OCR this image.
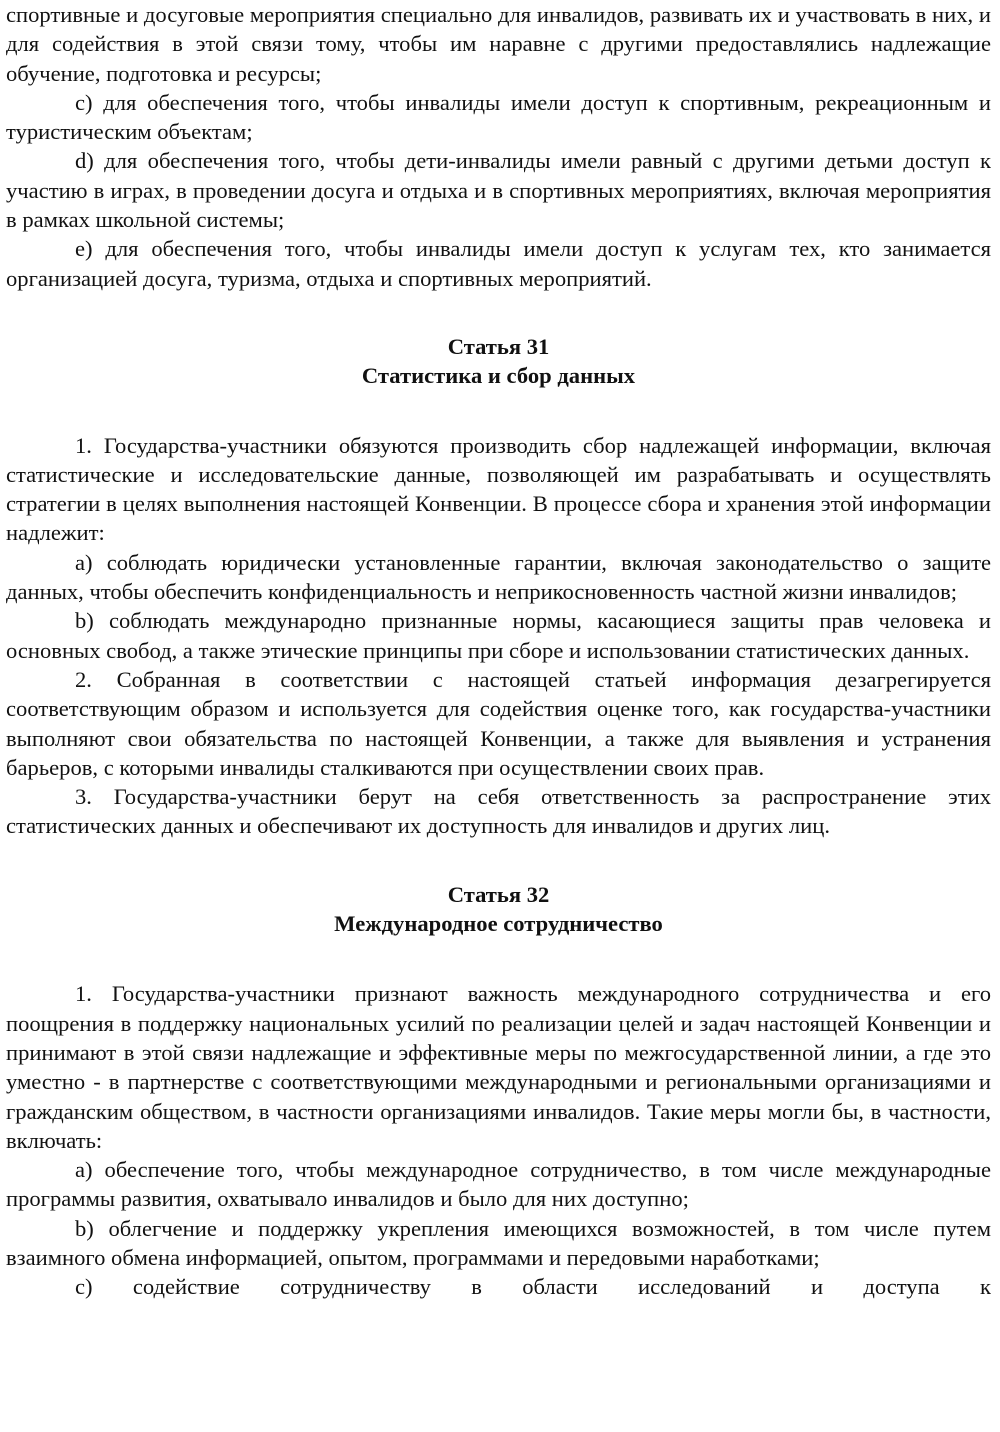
спортивные и досуговые мероприятия специально для инвалидов, развивать их и участвовать в них, и для содействия в этой связи тому, чтобы им наравне с другими предоставлялись надлежащие обучение, подготовка и ресурсы;

c) для обеспечения того, чтобы инвалиды имели доступ к спортивным, рекреационным и туристическим объектам;

d) для обеспечения того, чтобы дети-инвалиды имели равный с другими детьми доступ к участию в играх, в проведении досуга и отдыха и в спортивных мероприятиях, включая мероприятия в рамках школьной системы;

e) для обеспечения того, чтобы инвалиды имели доступ к услугам тех, кто занимается организацией досуга, туризма, отдыха и спортивных мероприятий.

Статья 31
Статистика и сбор данных

1. Государства-участники обязуются производить сбор надлежащей информации, включая статистические и исследовательские данные, позволяющей им разрабатывать и осуществлять стратегии в целях выполнения настоящей Конвенции. В процессе сбора и хранения этой информации надлежит:

a) соблюдать юридически установленные гарантии, включая законодательство о защите данных, чтобы обеспечить конфиденциальность и неприкосновенность частной жизни инвалидов;

b) соблюдать международно признанные нормы, касающиеся защиты прав человека и основных свобод, а также этические принципы при сборе и использовании статистических данных.

2. Собранная в соответствии с настоящей статьей информация дезагрегируется соответствующим образом и используется для содействия оценке того, как государства-участники выполняют свои обязательства по настоящей Конвенции, а также для выявления и устранения барьеров, с которыми инвалиды сталкиваются при осуществлении своих прав.

3. Государства-участники берут на себя ответственность за распространение этих статистических данных и обеспечивают их доступность для инвалидов и других лиц.

Статья 32
Международное сотрудничество

1. Государства-участники признают важность международного сотрудничества и его поощрения в поддержку национальных усилий по реализации целей и задач настоящей Конвенции и принимают в этой связи надлежащие и эффективные меры по межгосударственной линии, а где это уместно - в партнерстве с соответствующими международными и региональными организациями и гражданским обществом, в частности организациями инвалидов. Такие меры могли бы, в частности, включать:

a) обеспечение того, чтобы международное сотрудничество, в том числе международные программы развития, охватывало инвалидов и было для них доступно;

b) облегчение и поддержку укрепления имеющихся возможностей, в том числе путем взаимного обмена информацией, опытом, программами и передовыми наработками;

c) содействие сотрудничеству в области исследований и доступа к
